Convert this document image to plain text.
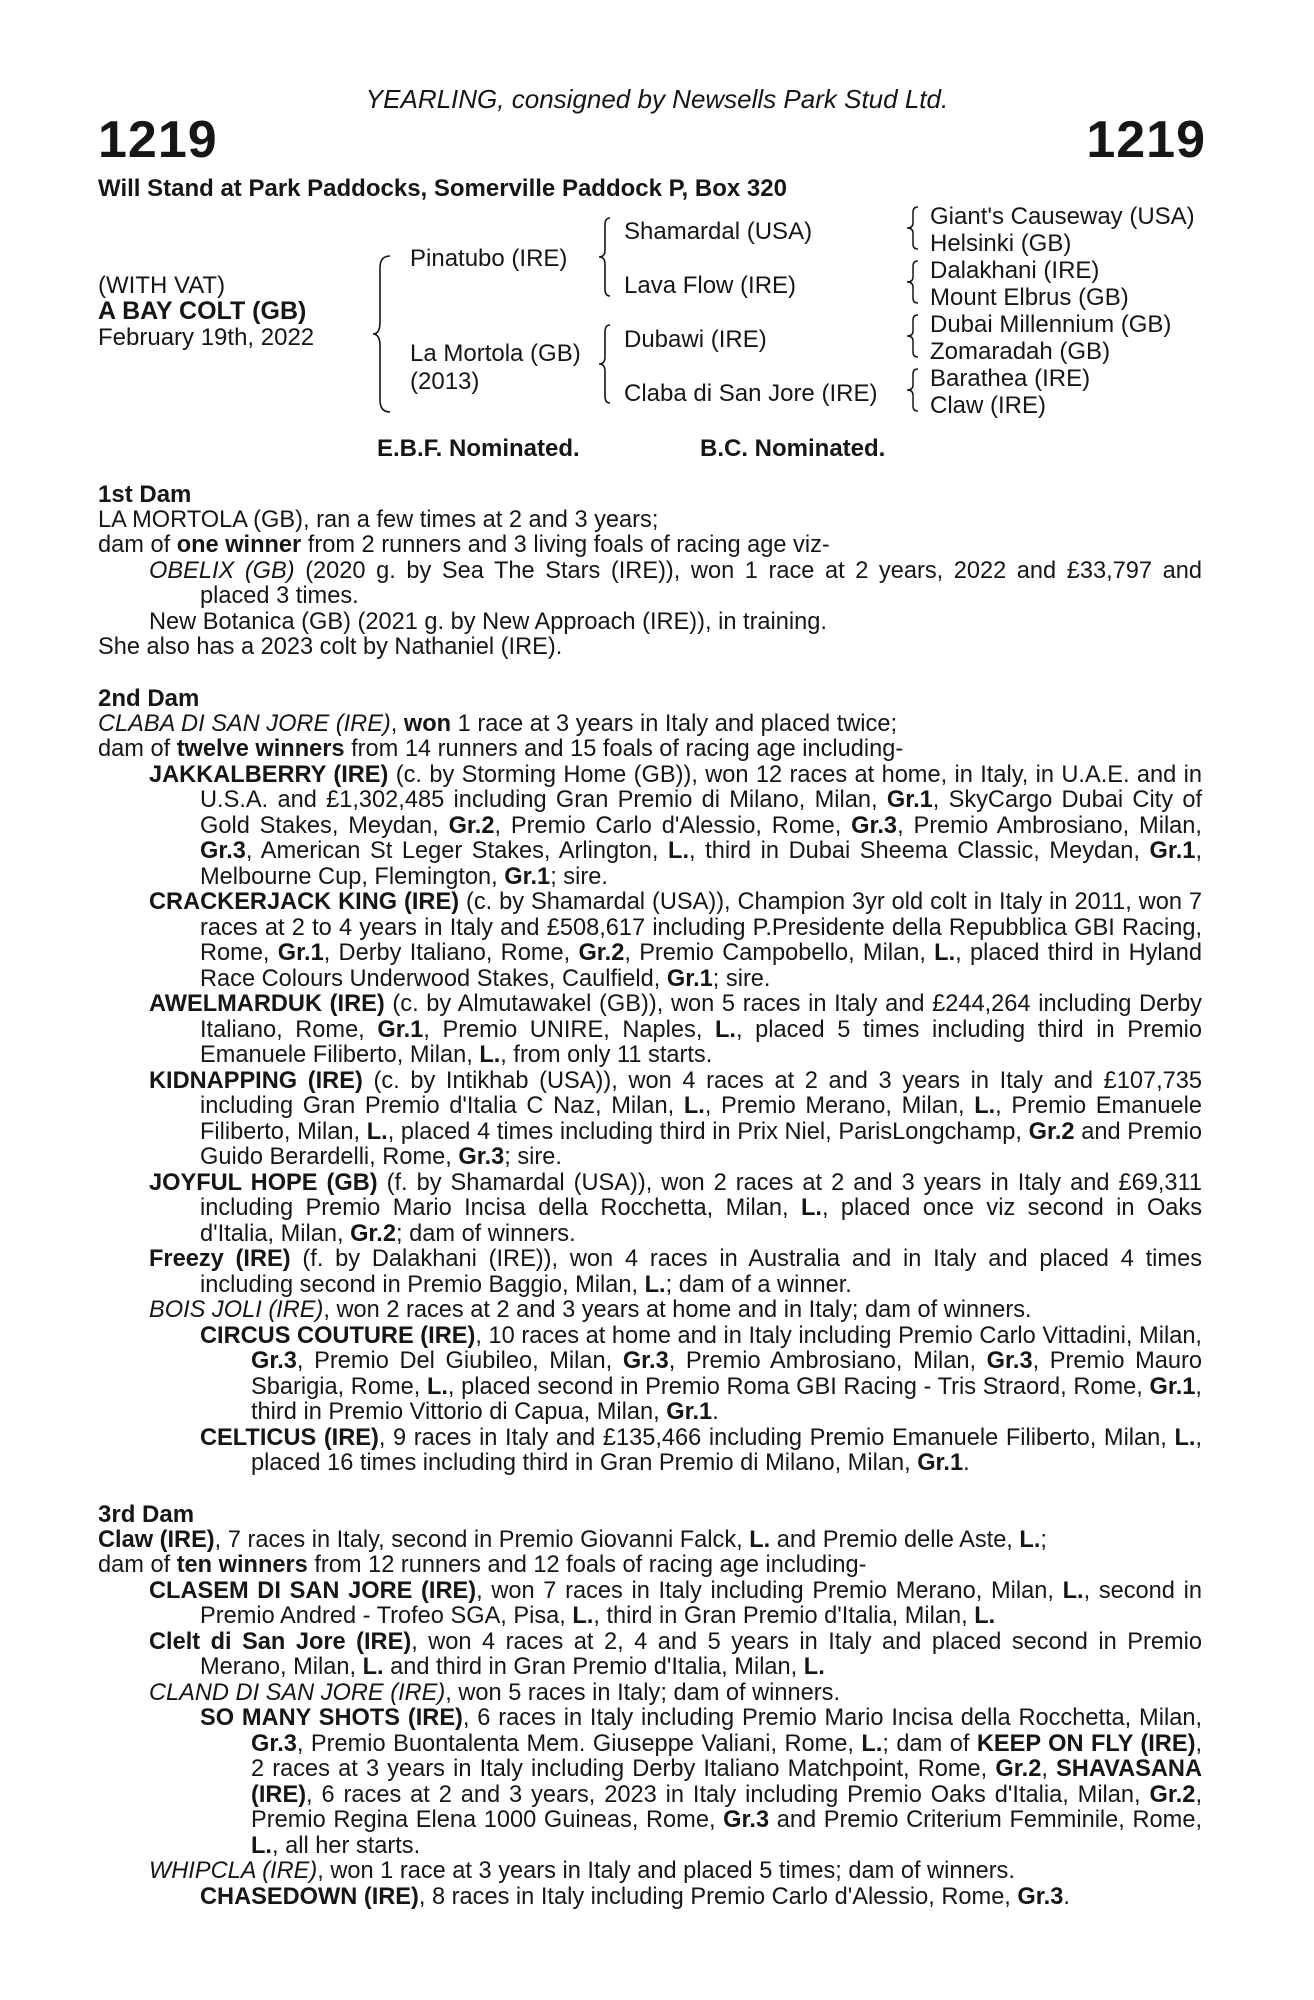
YEARLING, consigned by Newsells Park Stud Ltd.
1219	1219
Will Stand at Park Paddocks, Somerville Paddock P, Box 320
(WITH VAT)
A BAY COLT (GB)
February 19th, 2022
Pinatubo (IRE)
La Mortola (GB)
(2013)
Shamardal (USA)
Lava Flow (IRE)
Dubawi (IRE)
Claba di San Jore (IRE)
Giant's Causeway (USA)
Helsinki (GB)
Dalakhani (IRE)
Mount Elbrus (GB)
Dubai Millennium (GB)
Zomaradah (GB)
Barathea (IRE)
Claw (IRE)
E.B.F. Nominated.	B.C. Nominated.
1st Dam
LA MORTOLA (GB), ran a few times at 2 and 3 years;
dam of one winner from 2 runners and 3 living foals of racing age viz-
OBELIX (GB) (2020 g. by Sea The Stars (IRE)), won 1 race at 2 years, 2022 and £33,797 and placed 3 times.
New Botanica (GB) (2021 g. by New Approach (IRE)), in training.
She also has a 2023 colt by Nathaniel (IRE).
2nd Dam
CLABA DI SAN JORE (IRE), won 1 race at 3 years in Italy and placed twice;
dam of twelve winners from 14 runners and 15 foals of racing age including-
JAKKALBERRY (IRE) (c. by Storming Home (GB)), won 12 races at home, in Italy, in U.A.E. and in U.S.A. and £1,302,485 including Gran Premio di Milano, Milan, Gr.1, SkyCargo Dubai City of Gold Stakes, Meydan, Gr.2, Premio Carlo d'Alessio, Rome, Gr.3, Premio Ambrosiano, Milan, Gr.3, American St Leger Stakes, Arlington, L., third in Dubai Sheema Classic, Meydan, Gr.1, Melbourne Cup, Flemington, Gr.1; sire.
CRACKERJACK KING (IRE) (c. by Shamardal (USA)), Champion 3yr old colt in Italy in 2011, won 7 races at 2 to 4 years in Italy and £508,617 including P.Presidente della Repubblica GBI Racing, Rome, Gr.1, Derby Italiano, Rome, Gr.2, Premio Campobello, Milan, L., placed third in Hyland Race Colours Underwood Stakes, Caulfield, Gr.1; sire.
AWELMARDUK (IRE) (c. by Almutawakel (GB)), won 5 races in Italy and £244,264 including Derby Italiano, Rome, Gr.1, Premio UNIRE, Naples, L., placed 5 times including third in Premio Emanuele Filiberto, Milan, L., from only 11 starts.
KIDNAPPING (IRE) (c. by Intikhab (USA)), won 4 races at 2 and 3 years in Italy and £107,735 including Gran Premio d'Italia C Naz, Milan, L., Premio Merano, Milan, L., Premio Emanuele Filiberto, Milan, L., placed 4 times including third in Prix Niel, ParisLongchamp, Gr.2 and Premio Guido Berardelli, Rome, Gr.3; sire.
JOYFUL HOPE (GB) (f. by Shamardal (USA)), won 2 races at 2 and 3 years in Italy and £69,311 including Premio Mario Incisa della Rocchetta, Milan, L., placed once viz second in Oaks d'Italia, Milan, Gr.2; dam of winners.
Freezy (IRE) (f. by Dalakhani (IRE)), won 4 races in Australia and in Italy and placed 4 times including second in Premio Baggio, Milan, L.; dam of a winner.
BOIS JOLI (IRE), won 2 races at 2 and 3 years at home and in Italy; dam of winners.
CIRCUS COUTURE (IRE), 10 races at home and in Italy including Premio Carlo Vittadini, Milan, Gr.3, Premio Del Giubileo, Milan, Gr.3, Premio Ambrosiano, Milan, Gr.3, Premio Mauro Sbarigia, Rome, L., placed second in Premio Roma GBI Racing - Tris Straord, Rome, Gr.1, third in Premio Vittorio di Capua, Milan, Gr.1.
CELTICUS (IRE), 9 races in Italy and £135,466 including Premio Emanuele Filiberto, Milan, L., placed 16 times including third in Gran Premio di Milano, Milan, Gr.1.
3rd Dam
Claw (IRE), 7 races in Italy, second in Premio Giovanni Falck, L. and Premio delle Aste, L.;
dam of ten winners from 12 runners and 12 foals of racing age including-
CLASEM DI SAN JORE (IRE), won 7 races in Italy including Premio Merano, Milan, L., second in Premio Andred - Trofeo SGA, Pisa, L., third in Gran Premio d'Italia, Milan, L.
Clelt di San Jore (IRE), won 4 races at 2, 4 and 5 years in Italy and placed second in Premio Merano, Milan, L. and third in Gran Premio d'Italia, Milan, L.
CLAND DI SAN JORE (IRE), won 5 races in Italy; dam of winners.
SO MANY SHOTS (IRE), 6 races in Italy including Premio Mario Incisa della Rocchetta, Milan, Gr.3, Premio Buontalenta Mem. Giuseppe Valiani, Rome, L.; dam of KEEP ON FLY (IRE), 2 races at 3 years in Italy including Derby Italiano Matchpoint, Rome, Gr.2, SHAVASANA (IRE), 6 races at 2 and 3 years, 2023 in Italy including Premio Oaks d'Italia, Milan, Gr.2, Premio Regina Elena 1000 Guineas, Rome, Gr.3 and Premio Criterium Femminile, Rome, L., all her starts.
WHIPCLA (IRE), won 1 race at 3 years in Italy and placed 5 times; dam of winners.
CHASEDOWN (IRE), 8 races in Italy including Premio Carlo d'Alessio, Rome, Gr.3.
